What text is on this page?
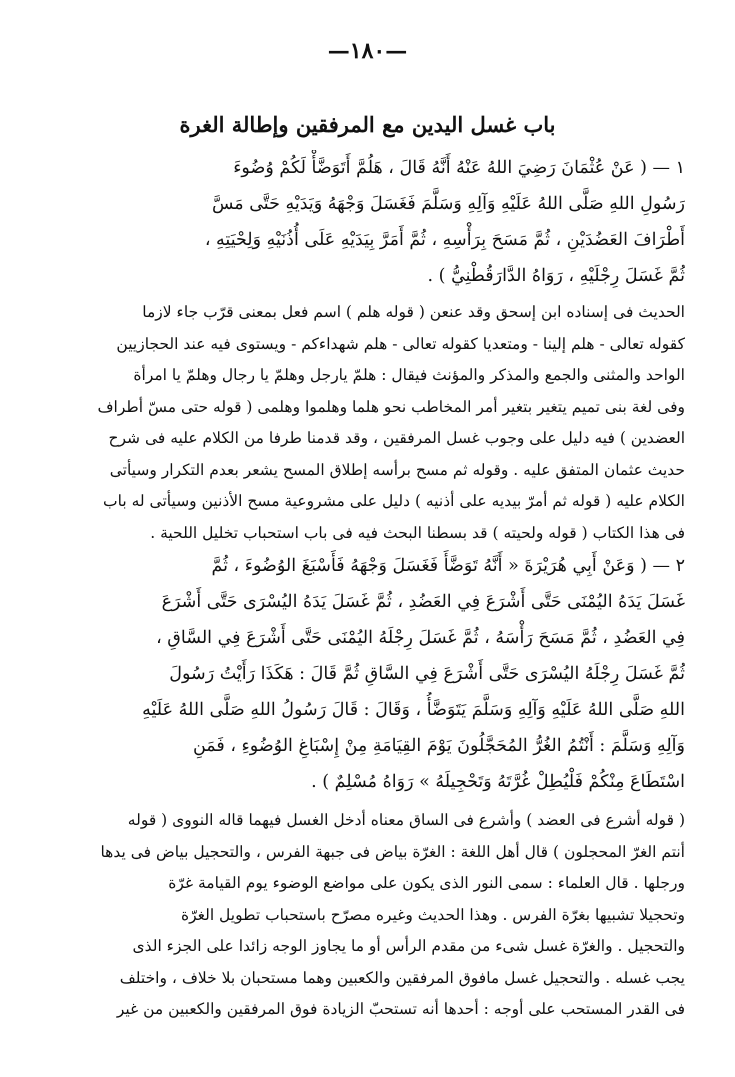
—١٨٠—
باب غسل اليدين مع المرفقين وإطالة الغرة
١ — ( عَنْ عُثْمَانَ رَضِيَ اللهُ عَنْهُ أَنَّهُ قَالَ ، هَلُمَّ أَتَوَضَّأْ لَكُمْ وُضُوءَ
رَسُولِ اللهِ صَلَّى اللهُ عَلَيْهِ وَآلِهِ وَسَلَّمَ فَغَسَلَ وَجْهَهُ وَيَدَيْهِ حَتَّى مَسَّ
أَطْرَافَ العَضُدَيْنِ ، ثُمَّ مَسَحَ بِرَأْسِهِ ، ثُمَّ أَمَرَّ بِيَدَيْهِ عَلَى أُذُنَيْهِ وَلِحْيَتِهِ ،
ثُمَّ غَسَلَ رِجْلَيْهِ ، رَوَاهُ الدَّارَقُطْنِيُّ ) .
الحديث فى إسناده ابن إسحق وقد عنعن ( قوله هلم ) اسم فعل بمعنى قرّب جاء لازما
كقوله تعالى - هلم إلينا - ومتعديا كقوله تعالى - هلم شهداءكم - ويستوى فيه عند الحجازيين
الواحد والمثنى والجمع والمذكر والمؤنث فيقال : هلمّ يارجل وهلمّ يا رجال وهلمّ يا امرأة
وفى لغة بنى تميم يتغير بتغير أمر المخاطب نحو هلما وهلموا وهلمى ( قوله حتى مسّ أطراف
العضدين ) فيه دليل على وجوب غسل المرفقين ، وقد قدمنا طرفا من الكلام عليه فى شرح
حديث عثمان المتفق عليه . وقوله ثم مسح برأسه إطلاق المسح يشعر بعدم التكرار وسيأتى
الكلام عليه ( قوله ثم أمرّ بيديه على أذنيه ) دليل على مشروعية مسح الأذنين وسيأتى له باب
فى هذا الكتاب ( قوله ولحيته ) قد بسطنا البحث فيه فى باب استحباب تخليل اللحية .
٢ — ( وَعَنْ أَبِي هُرَيْرَةَ « أَنَّهُ تَوَضَّأَ فَغَسَلَ وَجْهَهُ فَأَسْبَغَ الوُضُوءَ ، ثُمَّ
غَسَلَ يَدَهُ اليُمْنَى حَتَّى أَشْرَعَ فِي العَضُدِ ، ثُمَّ غَسَلَ يَدَهُ اليُسْرَى حَتَّى أَشْرَعَ
فِي العَضُدِ ، ثُمَّ مَسَحَ رَأْسَهُ ، ثُمَّ غَسَلَ رِجْلَهُ اليُمْنَى حَتَّى أَشْرَعَ فِي السَّاقِ ،
ثُمَّ غَسَلَ رِجْلَهُ اليُسْرَى حَتَّى أَشْرَعَ فِي السَّاقِ ثُمَّ قَالَ : هَكَذَا رَأَيْتُ رَسُولَ
اللهِ صَلَّى اللهُ عَلَيْهِ وَآلِهِ وَسَلَّمَ يَتَوَضَّأُ ، وَقَالَ : قَالَ رَسُولُ اللهِ صَلَّى اللهُ عَلَيْهِ
وَآلِهِ وَسَلَّمَ : أَنْتُمُ الغُرُّ المُحَجَّلُونَ يَوْمَ القِيَامَةِ مِنْ إِسْبَاغِ الوُضُوءِ ، فَمَنِ
اسْتَطَاعَ مِنْكُمْ فَلْيُطِلْ غُرَّتَهُ وَتَحْجِيلَهُ » رَوَاهُ مُسْلِمٌ ) .
( قوله أشرع فى العضد ) وأشرع فى الساق معناه أدخل الغسل فيهما قاله النووى ( قوله
أنتم الغرّ المحجلون ) قال أهل اللغة : الغرّة بياض فى جبهة الفرس ، والتحجيل بياض فى يدها
ورجلها . قال العلماء : سمى النور الذى يكون على مواضع الوضوء يوم القيامة غرّة
وتحجيلا تشبيها بغرّة الفرس . وهذا الحديث وغيره مصرّح باستحباب تطويل الغرّة
والتحجيل . والغرّة غسل شىء من مقدم الرأس أو ما يجاوز الوجه زائدا على الجزء الذى
يجب غسله . والتحجيل غسل مافوق المرفقين والكعبين وهما مستحبان بلا خلاف ، واختلف
فى القدر المستحب على أوجه : أحدها أنه تستحبّ الزيادة فوق المرفقين والكعبين من غير
